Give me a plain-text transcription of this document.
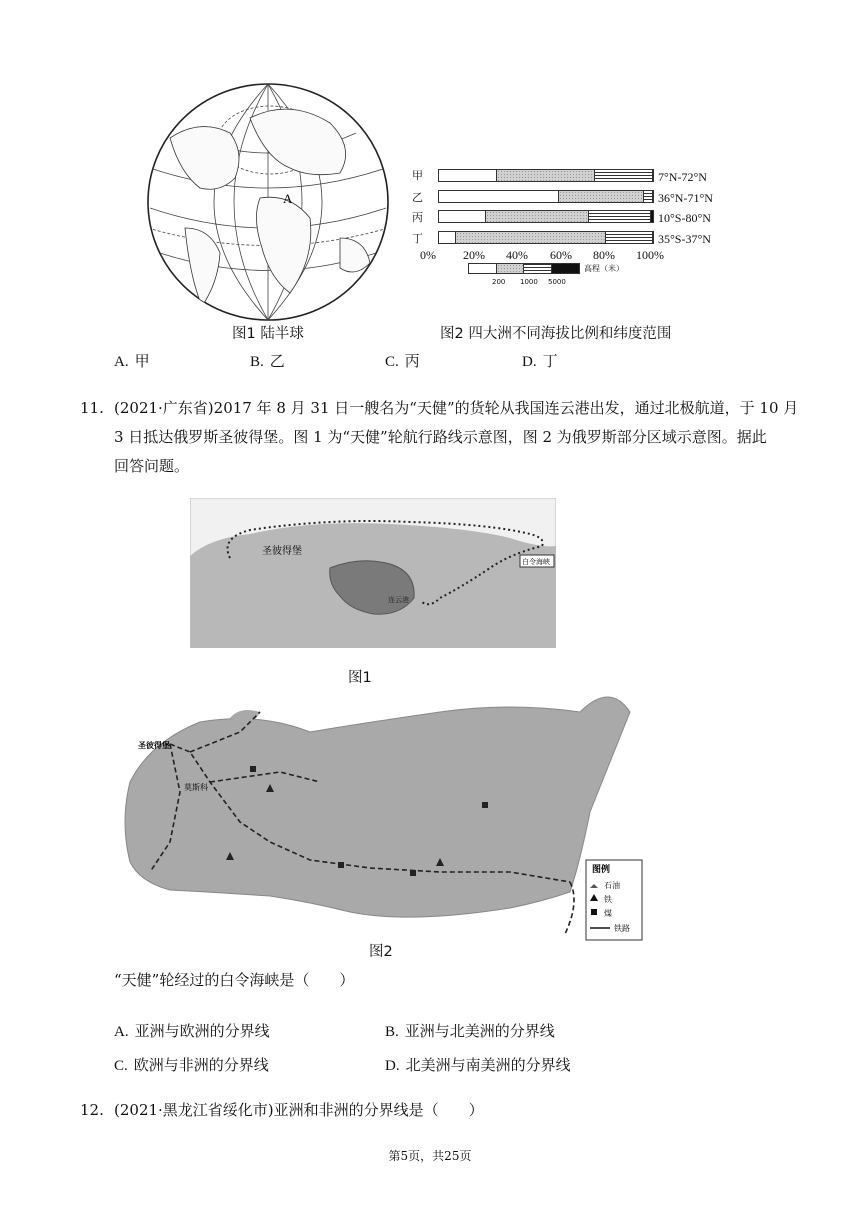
A
甲
乙
丙
丁
7°N-72°N
36°N-71°N
10°S-80°N
35°S-37°N
0% 20% 40% 60% 80% 100%
高程（米）
200 1000 5000
图1 陆半球	图2 四大洲不同海拔比例和纬度范围
A. 甲	B. 乙	C. 丙	D. 丁
11. (2021·广东省)2017 年 8 月 31 日一艘名为“天健”的货轮从我国连云港出发，通过北极航道，于 10 月
3 日抵达俄罗斯圣彼得堡。图 1 为“天健”轮航行路线示意图，图 2 为俄罗斯部分区域示意图。据此
回答问题。
白令海峡
圣彼得堡
连云港
图1
圣彼得堡
莫斯科
图例
石油
铁
煤
铁路
图2
“天健”轮经过的白令海峡是（　　）
A. 亚洲与欧洲的分界线	B. 亚洲与北美洲的分界线
C. 欧洲与非洲的分界线	D. 北美洲与南美洲的分界线
12. (2021·黑龙江省绥化市)亚洲和非洲的分界线是（　　）
第5页，共25页
